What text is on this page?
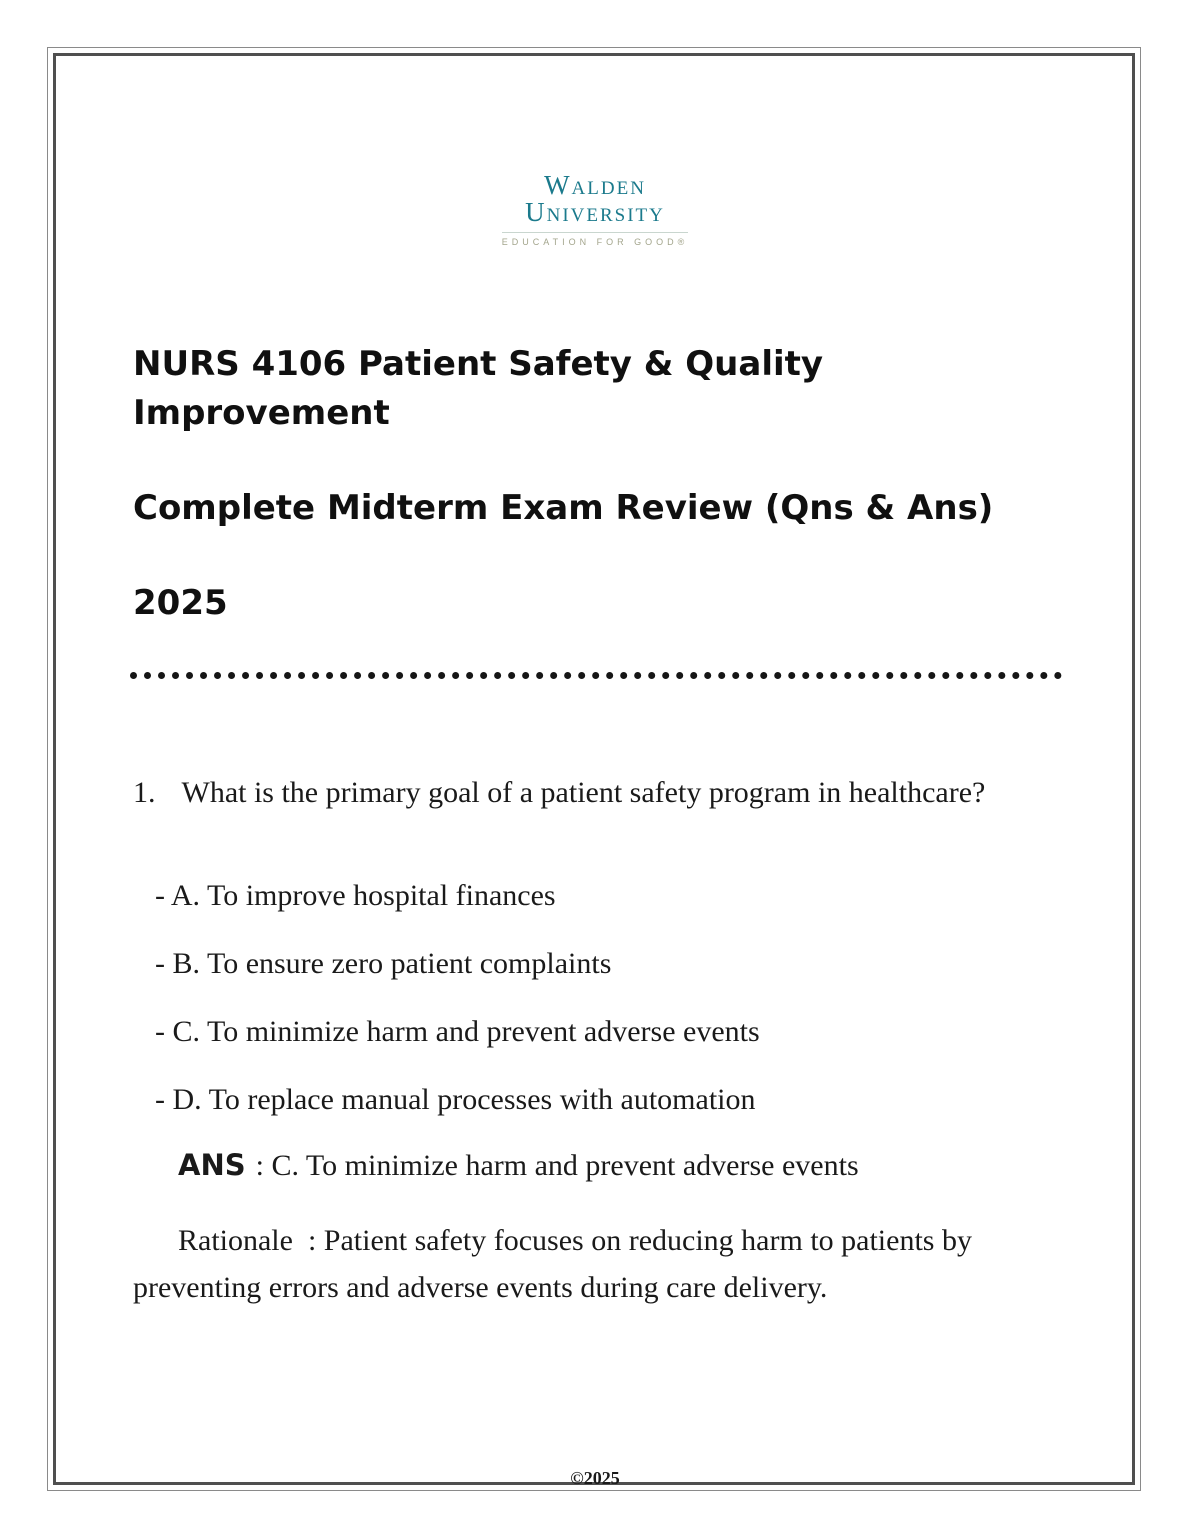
Walden
University
EDUCATION FOR GOOD®
NURS 4106 Patient Safety & Quality Improvement
Complete Midterm Exam Review (Qns & Ans)
2025
1. What is the primary goal of a patient safety program in healthcare?
- A. To improve hospital finances
- B. To ensure zero patient complaints
- C. To minimize harm and prevent adverse events
- D. To replace manual processes with automation
ANS : C. To minimize harm and prevent adverse events
Rationale : Patient safety focuses on reducing harm to patients by preventing errors and adverse events during care delivery.
©2025
